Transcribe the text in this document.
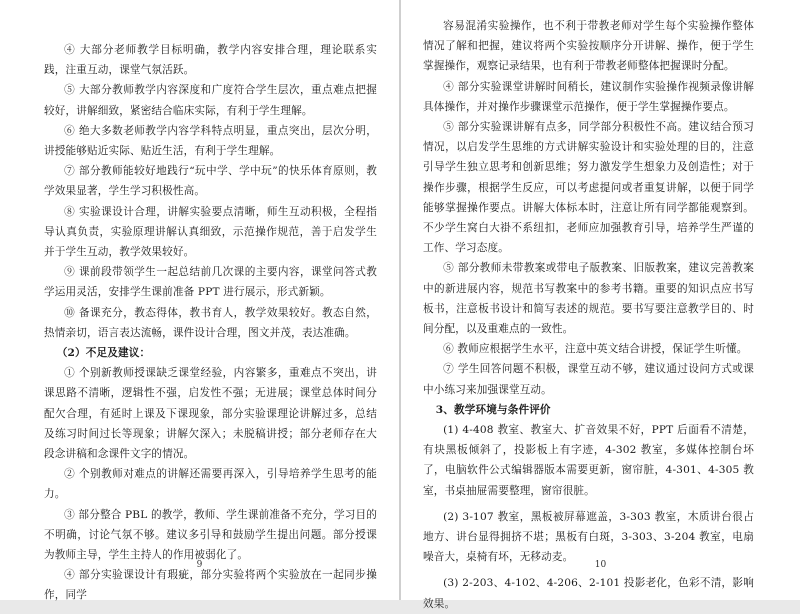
④ 大部分老师教学目标明确，教学内容安排合理，理论联系实践，注重互动，课堂气氛活跃。

⑤ 大部分教师教学内容深度和广度符合学生层次，重点难点把握较好，讲解细致，紧密结合临床实际，有利于学生理解。

⑥ 绝大多数老师教学内容学科特点明显，重点突出，层次分明，讲授能够贴近实际、贴近生活，有利于学生理解。

⑦ 部分教师能较好地践行“玩中学、学中玩”的快乐体育原则，教学效果显著，学生学习积极性高。

⑧ 实验课设计合理，讲解实验要点清晰，师生互动积极，全程指导认真负责，实验原理讲解认真细致，示范操作规范，善于启发学生并于学生互动，教学效果较好。

⑨ 课前段带领学生一起总结前几次课的主要内容，课堂问答式教学运用灵活，安排学生课前准备 PPT 进行展示，形式新颖。

⑩ 备课充分，教态得体，教书育人，教学效果较好。教态自然，热情亲切，语言表达流畅，课件设计合理，图文并茂，表达准确。

（2）不足及建议：

① 个别新教师授课缺乏课堂经验，内容繁多，重难点不突出，讲课思路不清晰，逻辑性不强，启发性不强；无进展；课堂总体时间分配欠合理，有延时上课及下课现象，部分实验课理论讲解过多，总结及练习时间过长等现象；讲解欠深入；未脱稿讲授；部分老师存在大段念讲稿和念课件文字的情况。

② 个别教师对难点的讲解还需要再深入，引导培养学生思考的能力。

③ 部分整合 PBL 的教学，教师、学生课前准备不充分，学习目的不明确，讨论气氛不够。建议多引导和鼓励学生提出问题。部分授课为教师主导，学生主持人的作用被弱化了。

④ 部分实验课设计有瑕疵，部分实验将两个实验放在一起同步操作，同学

9

容易混淆实验操作，也不利于带教老师对学生每个实验操作整体情况了解和把握，建议将两个实验按顺序分开讲解、操作，便于学生掌握操作，观察记录结果，也有利于带教老师整体把握课时分配。

④ 部分实验课堂讲解时间稍长，建议制作实验操作视频录像讲解具体操作，并对操作步骤课堂示范操作，便于学生掌握操作要点。

⑤ 部分实验课讲解有点多，同学部分积极性不高。建议结合预习情况，以启发学生思维的方式讲解实验设计和实验处理的目的，注意引导学生独立思考和创新思维；努力激发学生想象力及创造性；对于操作步骤，根据学生反应，可以考虑提问或者重复讲解，以便于同学能够掌握操作要点。讲解大体标本时，注意让所有同学都能观察到。不少学生窝白大褂不系纽扣，老师应加强教育引导，培养学生严谨的工作、学习态度。

⑤ 部分教师未带教案或带电子版教案、旧版教案，建议完善教案中的新进展内容，规范书写教案中的参考书籍。重要的知识点应书写板书，注意板书设计和简写表述的规范。要书写要注意教学目的、时间分配，以及重难点的一致性。

⑥ 教师应根据学生水平，注意中英文结合讲授，保证学生听懂。

⑦ 学生回答问题不积极，课堂互动不够，建议通过设问方式或课中小练习来加强课堂互动。

3、教学环境与条件评价

(1) 4-408 教室、教室大、扩音效果不好，PPT 后面看不清楚，有块黑板倾斜了，投影板上有字迹，4-302 教室，多媒体控制台坏了，电脑软件公式编辑器版本需要更新，窗帘脏，4-301、4-305 教室，书桌抽屉需要整理，窗帘很脏。

(2) 3-107 教室，黑板被屏幕遮盖，3-303 教室，木质讲台很占地方、讲台显得拥挤不堪；黑板有白斑，3-303、3-204 教室，电扇噪音大，桌椅有坏，无移动麦。

(3) 2-203、4-102、4-206、2-101 投影老化，色彩不清，影响效果。

10
